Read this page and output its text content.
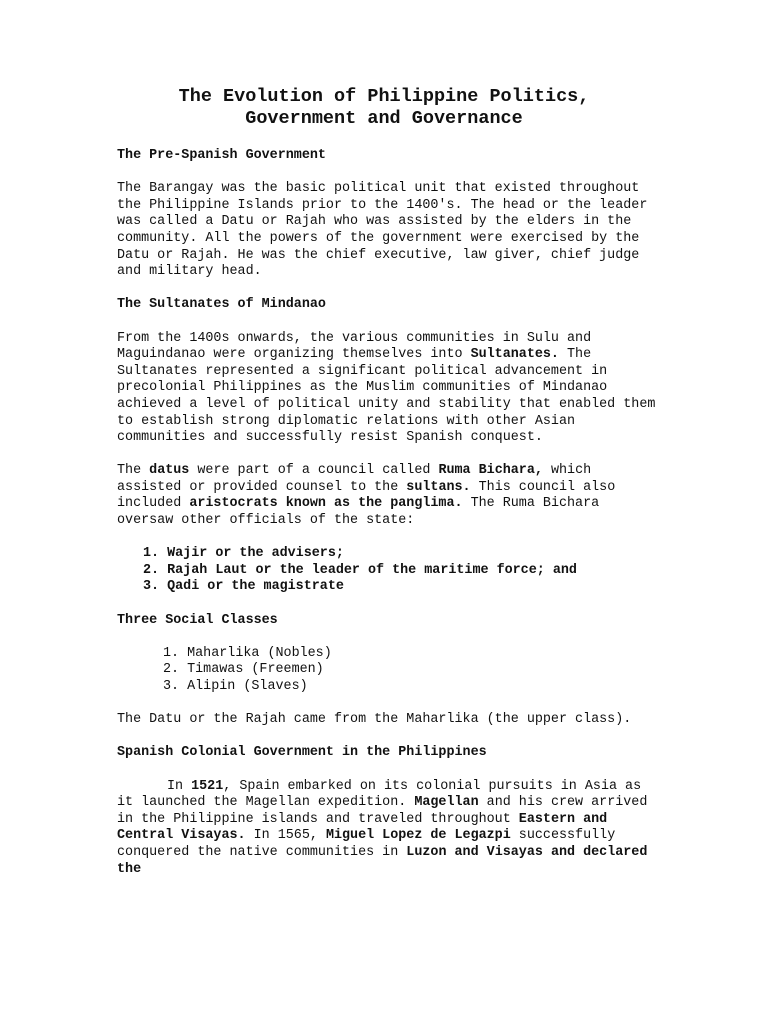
The Evolution of Philippine Politics,
Government and Governance
The Pre-Spanish Government

The Barangay was the basic political unit that existed throughout the Philippine Islands prior to the 1400's. The head or the leader was called a Datu or Rajah who was assisted by the elders in the community. All the powers of the government were exercised by the Datu or Rajah. He was the chief executive, law giver, chief judge and military head.

The Sultanates of Mindanao

From the 1400s onwards, the various communities in Sulu and Maguindanao were organizing themselves into Sultanates. The Sultanates represented a significant political advancement in precolonial Philippines as the Muslim communities of Mindanao achieved a level of political unity and stability that enabled them to establish strong diplomatic relations with other Asian communities and successfully resist Spanish conquest.

The datus were part of a council called Ruma Bichara, which assisted or provided counsel to the sultans. This council also included aristocrats known as the panglima. The Ruma Bichara oversaw other officials of the state:

1. Wajir or the advisers;
2. Rajah Laut or the leader of the maritime force; and
3. Qadi or the magistrate
Three Social Classes
1. Maharlika (Nobles)
2. Timawas (Freemen)
3. Alipin (Slaves)

The Datu or the Rajah came from the Maharlika (the upper class).

Spanish Colonial Government in the Philippines

In 1521, Spain embarked on its colonial pursuits in Asia as it launched the Magellan expedition. Magellan and his crew arrived in the Philippine islands and traveled throughout Eastern and Central Visayas. In 1565, Miguel Lopez de Legazpi successfully conquered the native communities in Luzon and Visayas and declared the
